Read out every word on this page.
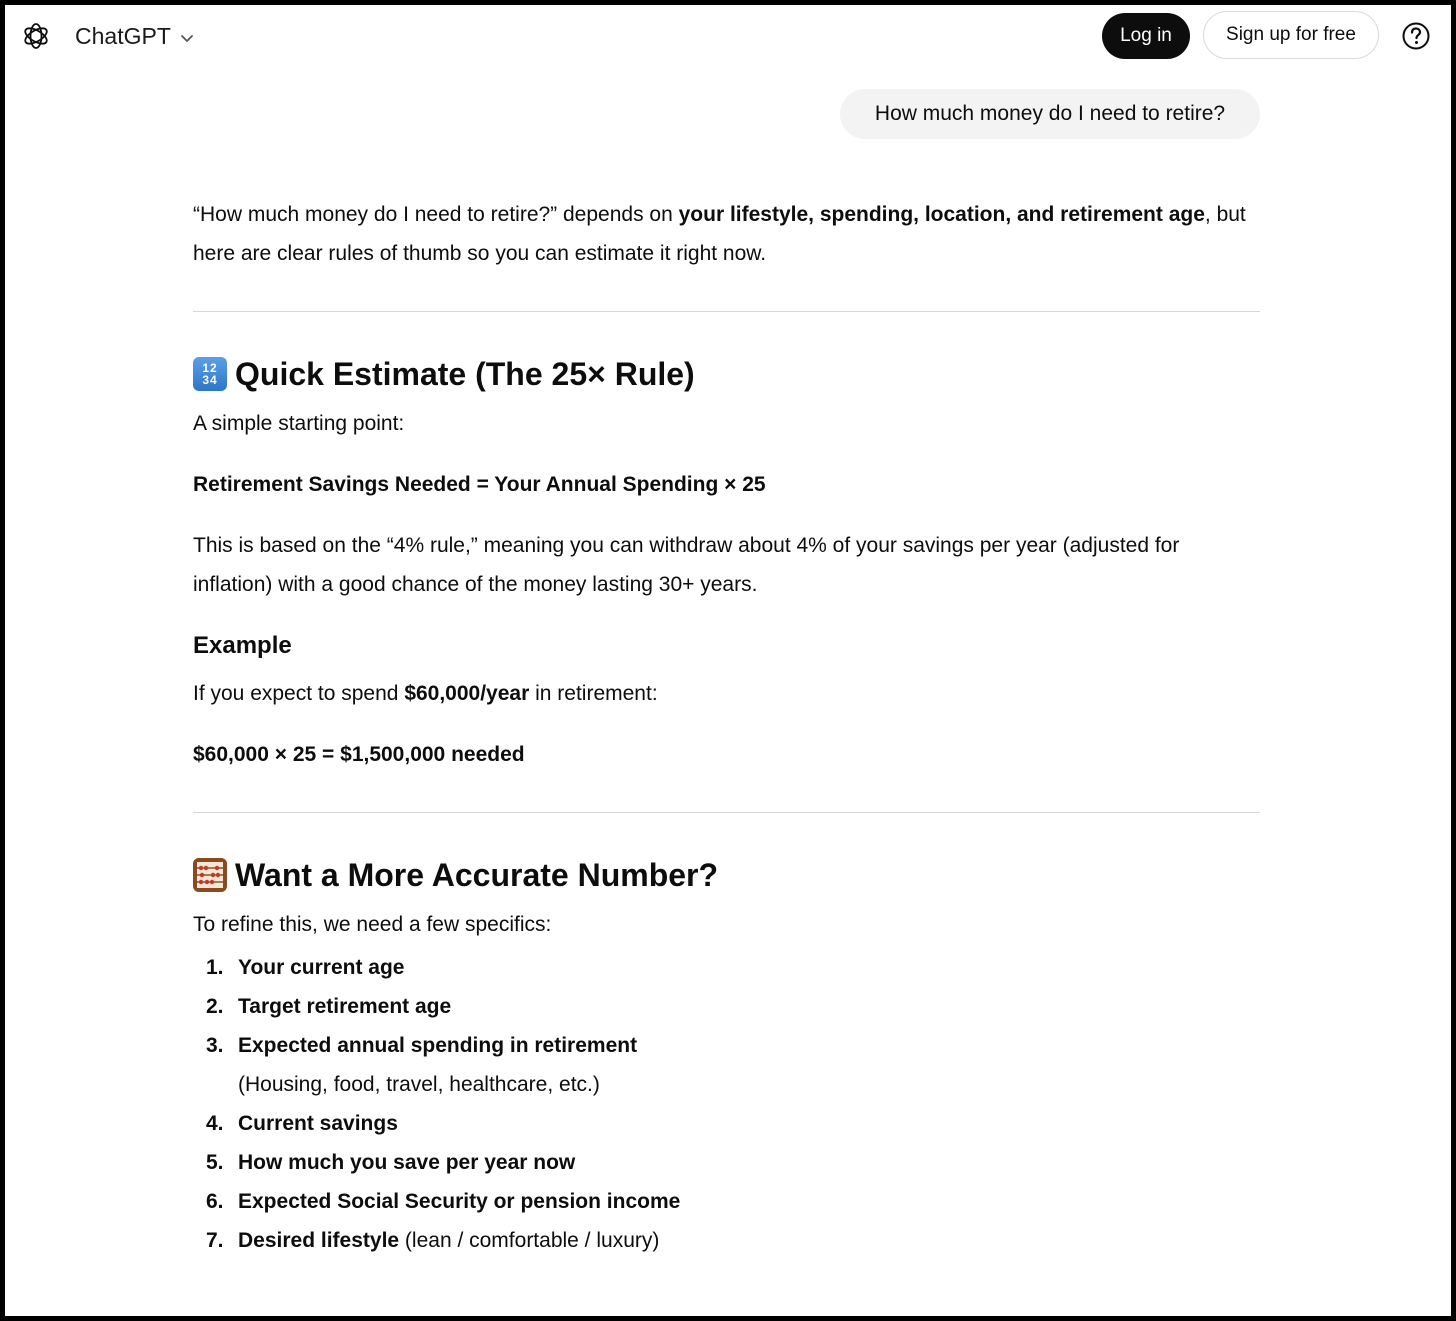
ChatGPT	Log in	Sign up for free
How much money do I need to retire?

“How much money do I need to retire?” depends on your lifestyle, spending, location, and retirement age, but here are clear rules of thumb so you can estimate it right now.

12
34 Quick Estimate (The 25× Rule)

A simple starting point:

Retirement Savings Needed = Your Annual Spending × 25

This is based on the “4% rule,” meaning you can withdraw about 4% of your savings per year (adjusted for inflation) with a good chance of the money lasting 30+ years.

Example

If you expect to spend $60,000/year in retirement:

$60,000 × 25 = $1,500,000 needed

Want a More Accurate Number?

To refine this, we need a few specifics:

1. Your current age
2. Target retirement age
3. Expected annual spending in retirement
(Housing, food, travel, healthcare, etc.)
4. Current savings
5. How much you save per year now
6. Expected Social Security or pension income
7. Desired lifestyle (lean / comfortable / luxury)
